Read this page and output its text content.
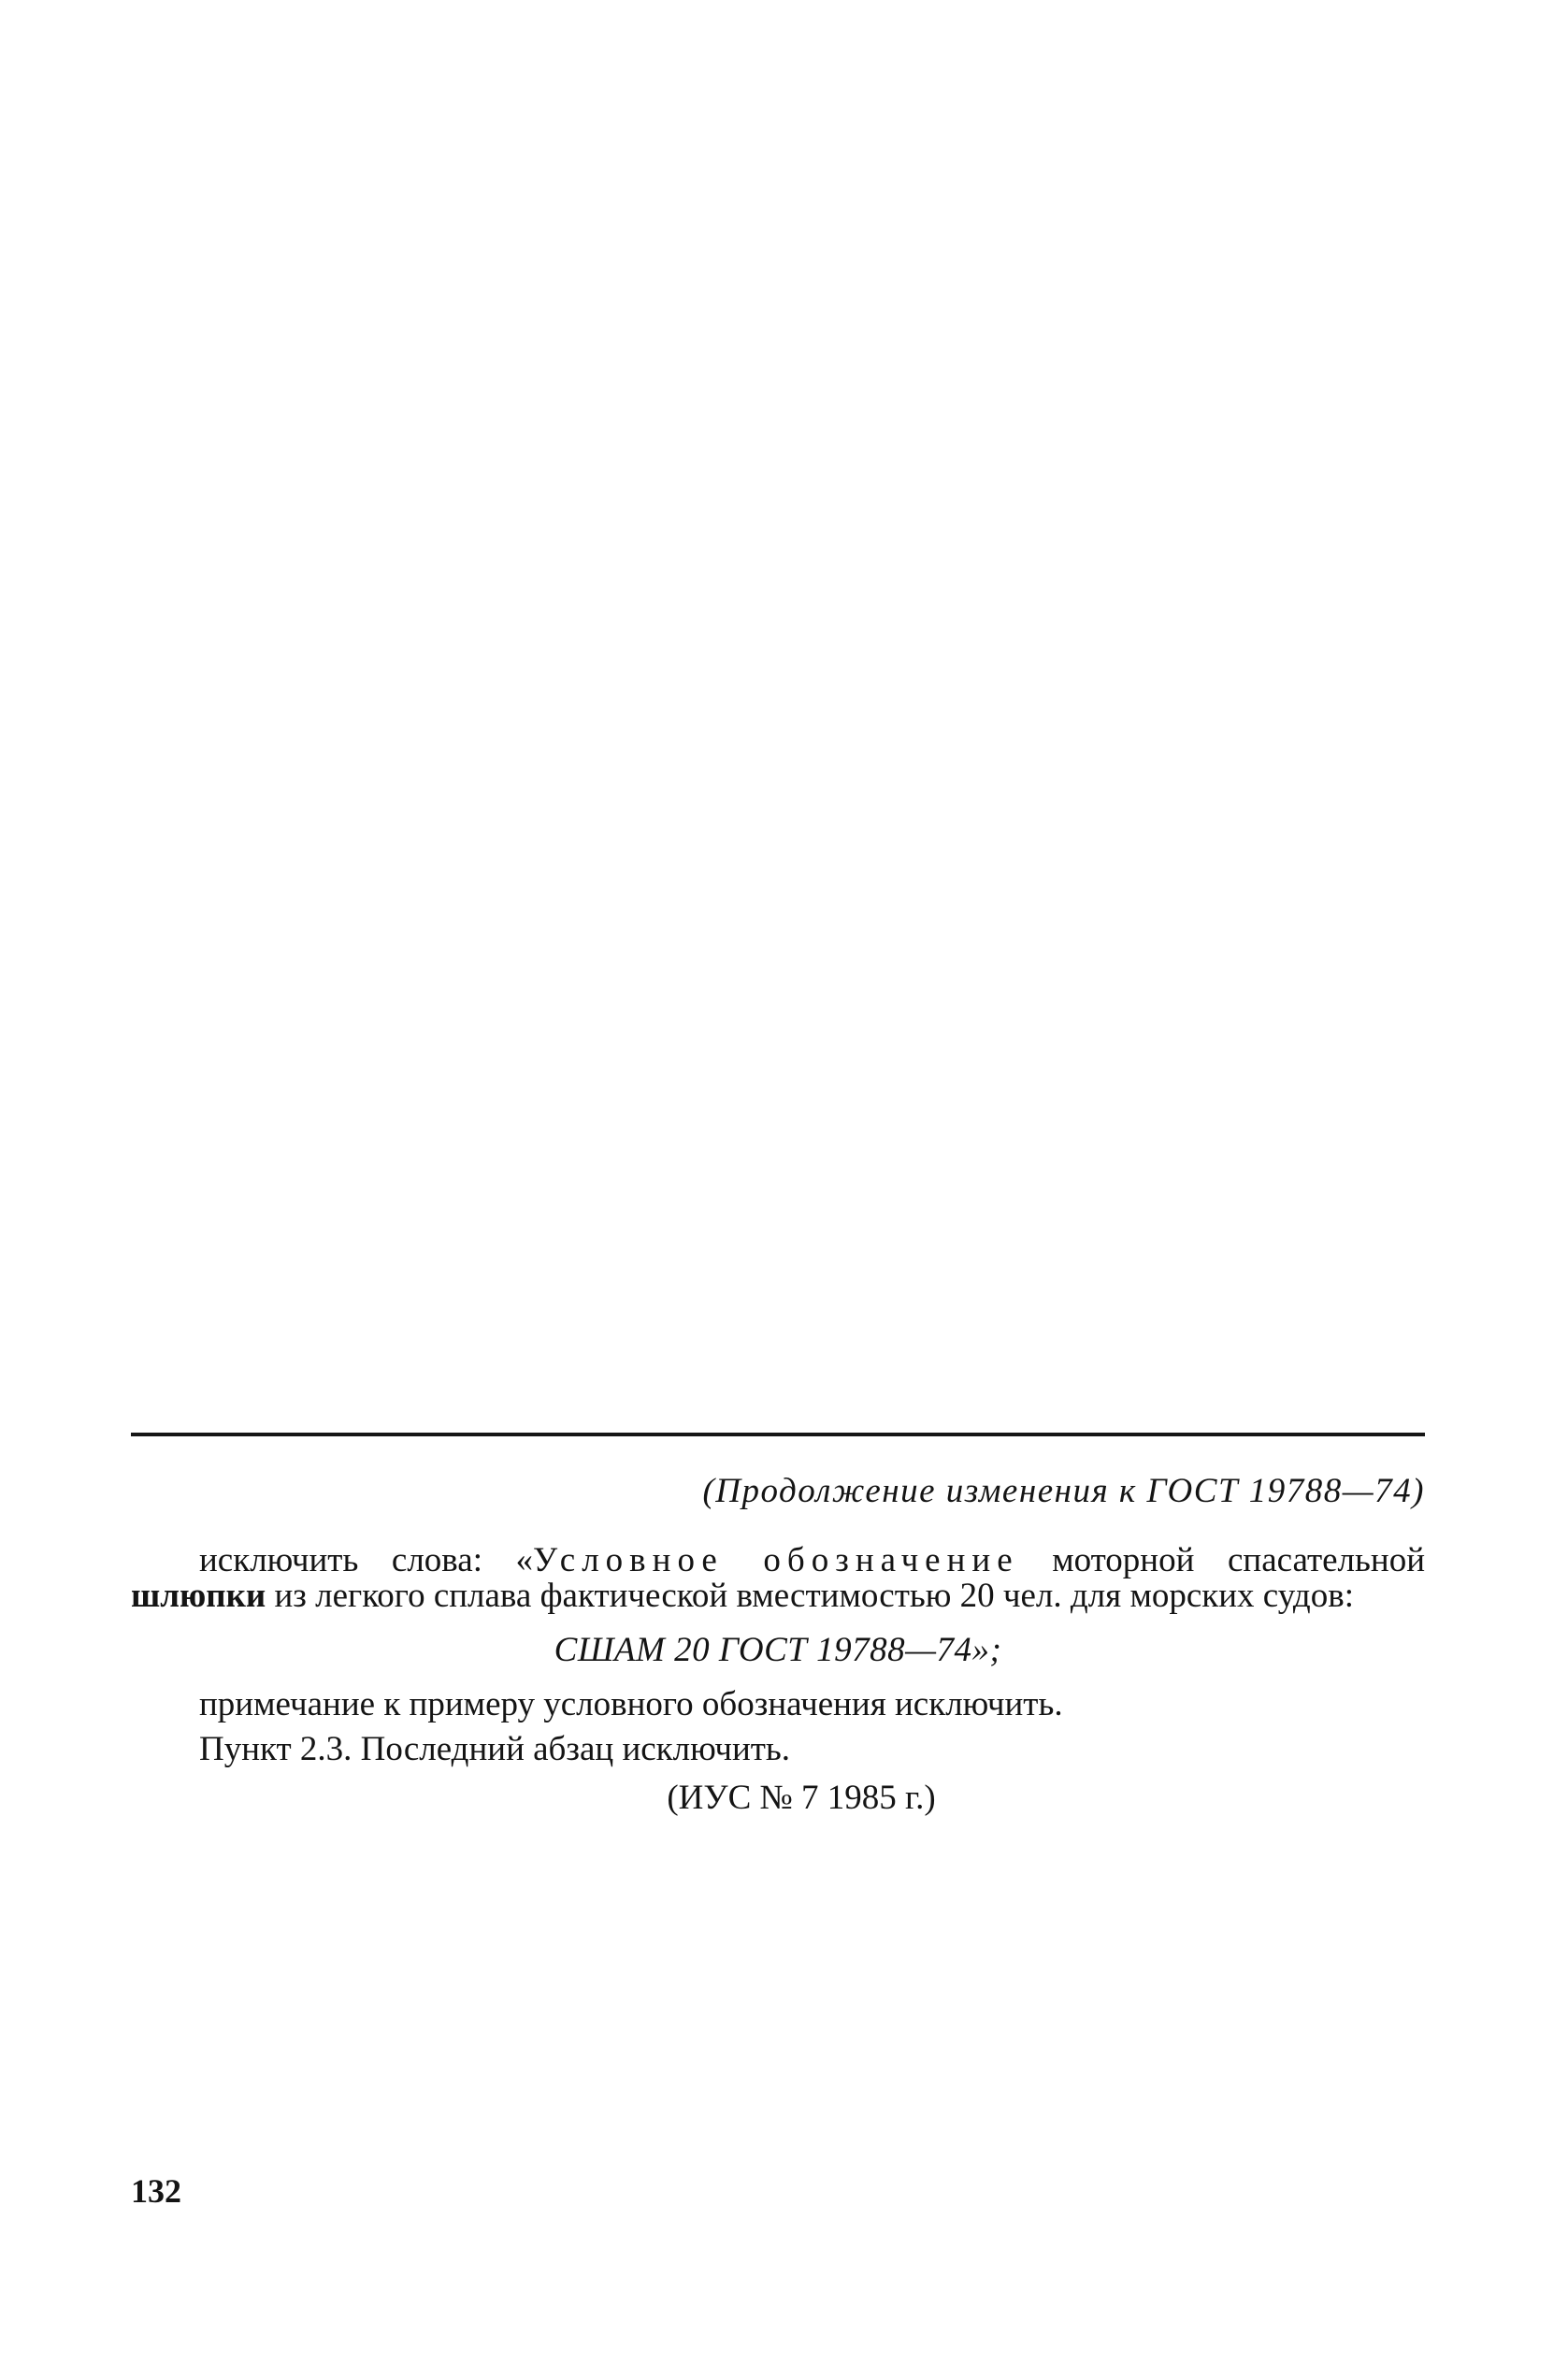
(Продолжение изменения к ГОСТ 19788—74)

исключить слова: «Условное обозначение моторной спасательной шлюпки из легкого сплава фактической вместимостью 20 чел. для морских судов:

СШАМ 20 ГОСТ 19788—74»;

примечание к примеру условного обозначения исключить.

Пункт 2.3. Последний абзац исключить.

(ИУС № 7 1985 г.)

132
